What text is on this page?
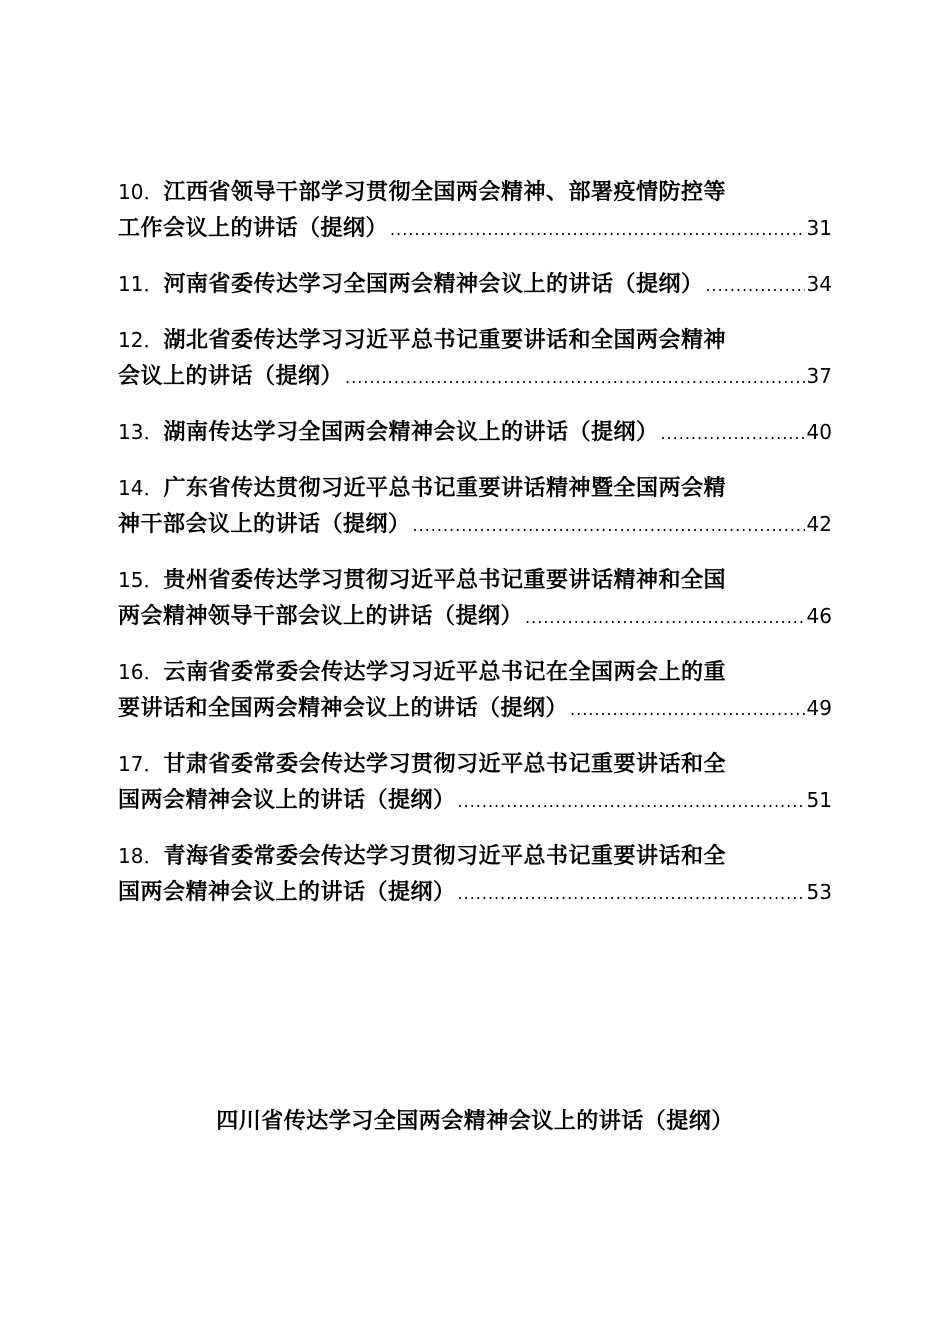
10．江西省领导干部学习贯彻全国两会精神、部署疫情防控等
工作会议上的讲话（提纲） .....	31
11．河南省委传达学习全国两会精神会议上的讲话（提纲） .....	34
12．湖北省委传达学习习近平总书记重要讲话和全国两会精神
会议上的讲话（提纲） .....	37
13．湖南传达学习全国两会精神会议上的讲话（提纲） .....	40
14．广东省传达贯彻习近平总书记重要讲话精神暨全国两会精
神干部会议上的讲话（提纲） .....	42
15．贵州省委传达学习贯彻习近平总书记重要讲话精神和全国
两会精神领导干部会议上的讲话（提纲） .....	46
16．云南省委常委会传达学习习近平总书记在全国两会上的重
要讲话和全国两会精神会议上的讲话（提纲） .....	49
17．甘肃省委常委会传达学习贯彻习近平总书记重要讲话和全
国两会精神会议上的讲话（提纲） .....	51
18．青海省委常委会传达学习贯彻习近平总书记重要讲话和全
国两会精神会议上的讲话（提纲） .....	53
四川省传达学习全国两会精神会议上的讲话（提纲）
